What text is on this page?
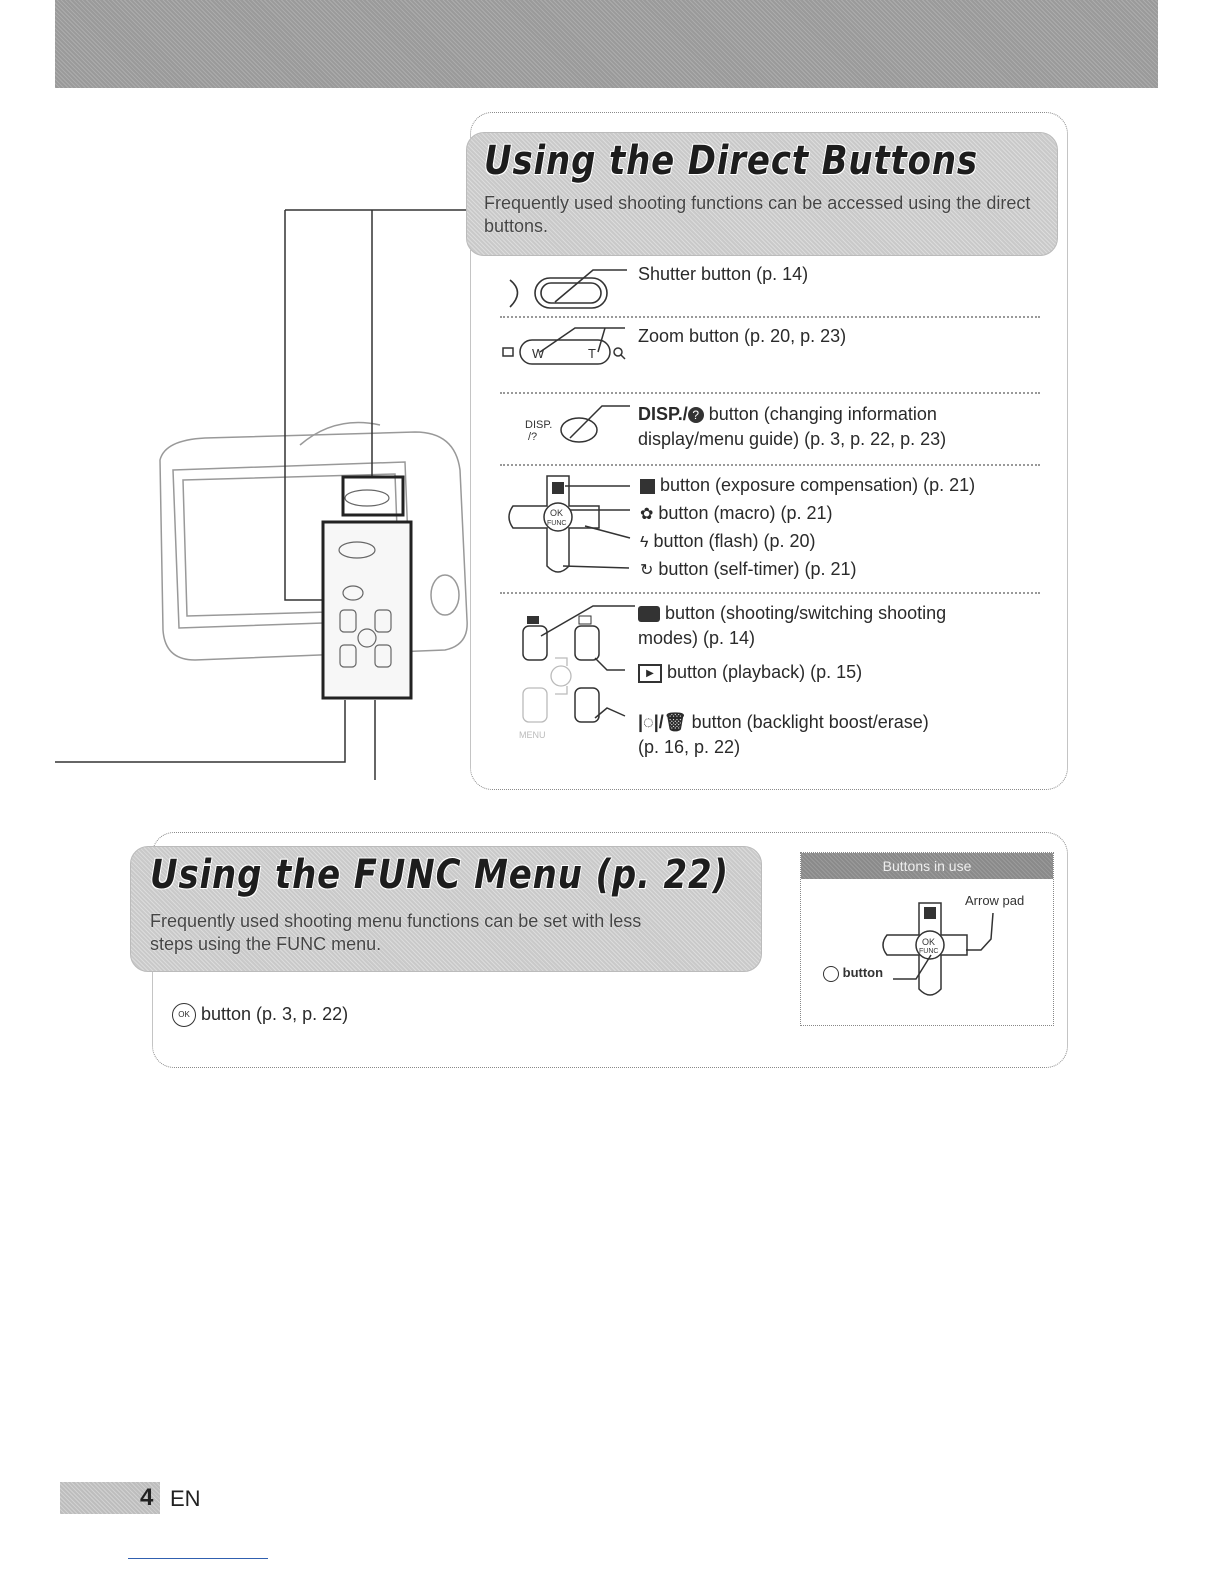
Using the Direct Buttons
Frequently used shooting functions can be accessed using the direct buttons.
Shutter button (p. 14)
W	T
Zoom button (p. 20, p. 23)
DISP.
/?
DISP./ ? button (changing information
display/menu guide) (p. 3, p. 22, p. 23)
OK
FUNC
button (exposure compensation) (p. 21)
✿ button (macro) (p. 21)
ϟ button (flash) (p. 20)
↻ button (self-timer) (p. 21)
MENU
button (shooting/switching shooting
modes) (p. 14)
▶ button (playback) (p. 15)
|◌|/🗑 button (backlight boost/erase)
(p. 16, p. 22)
Using the FUNC Menu (p. 22)
Frequently used shooting menu functions can be set with less steps using the FUNC menu.
OK button (p. 3, p. 22)
Buttons in use
OK
FUNC
Arrow pad
button
4 EN
